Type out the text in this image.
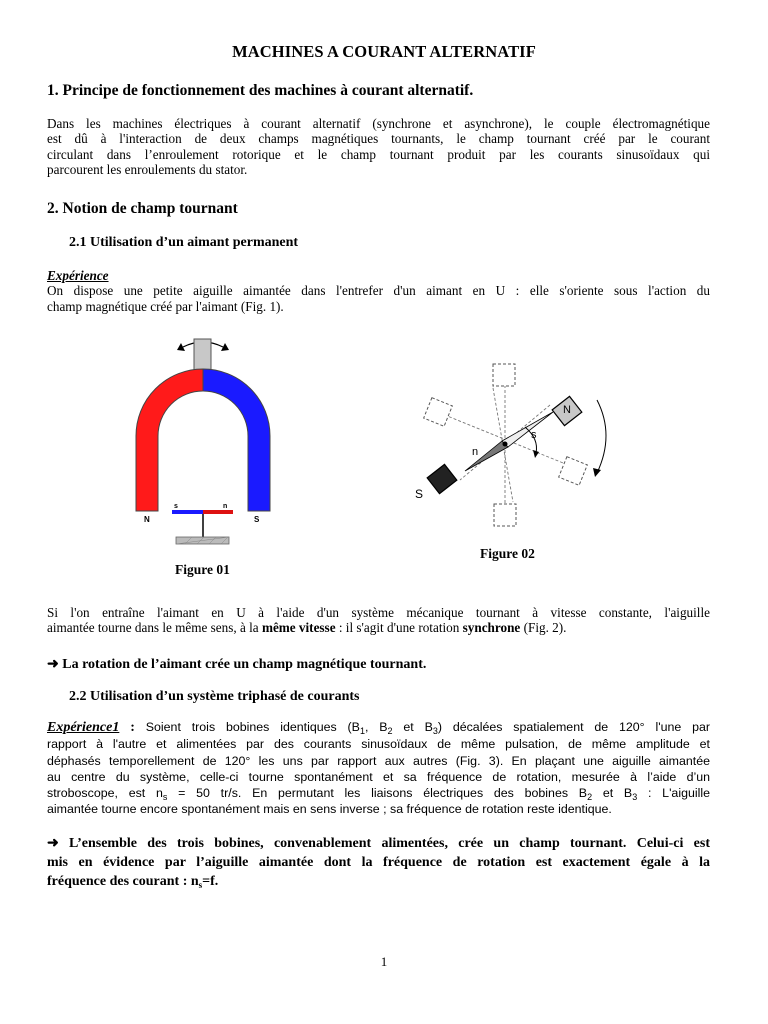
MACHINES A COURANT ALTERNATIF
1. Principe de fonctionnement des machines à courant alternatif.
Dans les machines électriques à courant alternatif (synchrone et asynchrone), le couple électromagnétique
est dû à l'interaction de deux champs magnétiques tournants, le champ tournant créé par le courant
circulant dans l’enroulement rotorique et le champ tournant produit par les courants sinusoïdaux qui
parcourent les enroulements du stator.
2. Notion de champ tournant
2.1 Utilisation d’un aimant permanent
Expérience
On dispose une petite aiguille aimantée dans l'entrefer d'un aimant en U : elle s'oriente sous l'action du
champ magnétique créé par l'aimant (Fig. 1).
N	S
s	n
Figure 01
N
S
n
s
Figure 02
Si l'on entraîne l'aimant en U à l'aide d'un système mécanique tournant à vitesse constante, l'aiguille
aimantée tourne dans le même sens, à la même vitesse : il s'agit d'une rotation synchrone (Fig. 2).
➜ La rotation de l’aimant crée un champ magnétique tournant.
2.2 Utilisation d’un système triphasé de courants
Expérience1 : Soient trois bobines identiques ($B_1$, $B_2$ et $B_3$) décalées spatialement de 120° l'une par
rapport à l'autre et alimentées par des courants sinusoïdaux de même pulsation, de même amplitude et
déphasés temporellement de 120° les uns par rapport aux autres (Fig. 3). En plaçant une aiguille aimantée
au centre du système, celle-ci tourne spontanément et sa fréquence de rotation, mesurée à l’aide d’un
stroboscope, est $n_s = 50$ tr/s. En permutant les liaisons électriques des bobines $B_2$ et $B_3$ : L'aiguille
aimantée tourne encore spontanément mais en sens inverse ; sa fréquence de rotation reste identique.
➜ L’ensemble des trois bobines, convenablement alimentées, crée un champ tournant. Celui-ci est
mis en évidence par l’aiguille aimantée dont la fréquence de rotation est exactement égale à la
fréquence des courant : $n_s=f$.
1
